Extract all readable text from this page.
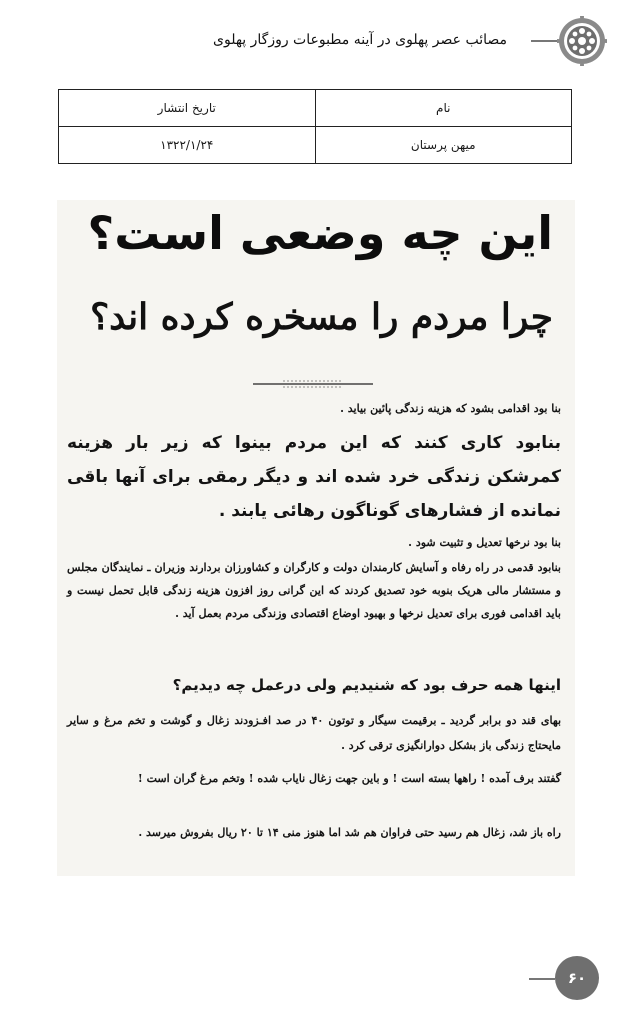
مصائب عصر پهلوی در آینه مطبوعات روزگار پهلوی
نام	تاریخ انتشار
میهن پرستان	۱۳۲۲/۱/۲۴
این چه وضعی است؟
چرا مردم را مسخره کرده اند؟
بنا بود اقدامی بشود که هزینه زندگی پائین بیاید .
بنابود کاری کنند که این مردم بینوا که زیر بار هزینه کمرشکن زندگی خرد شده اند و دیگر رمقی برای آنها باقی نمانده از فشارهای گوناگون رهائی یابند .
بنا بود نرخها تعدیل و تثبیت شود .
بنابود قدمی در راه رفاه و آسایش کارمندان دولت و کارگران و کشاورزان بردارند وزیران ـ نمایندگان مجلس و مستشار مالی هریک بنوبه خود تصدیق کردند که این گرانی روز افزون هزینه زندگی قابل تحمل نیست و باید اقدامی فوری برای تعدیل نرخها و بهبود اوضاع اقتصادی وزندگی مردم بعمل آید .
اینها همه حرف بود که شنیدیم ولی درعمل چه دیدیم؟
بهای قند دو برابر گردید ـ برقیمت سیگار و توتون ۴۰ در صد افـزودند زغال و گوشت و تخم مرغ و سایر مایحتاج زندگی باز بشکل دوارانگیزی ترقی کرد .
گفتند برف آمده ! راهها بسته است ! و باین جهت زغال نایاب شده ! وتخم مرغ گران است !
راه باز شد، زغال هم رسید حتی فراوان هم شد اما هنوز منی ۱۴ تا ۲۰ ریال بفروش میرسد .
۶۰
